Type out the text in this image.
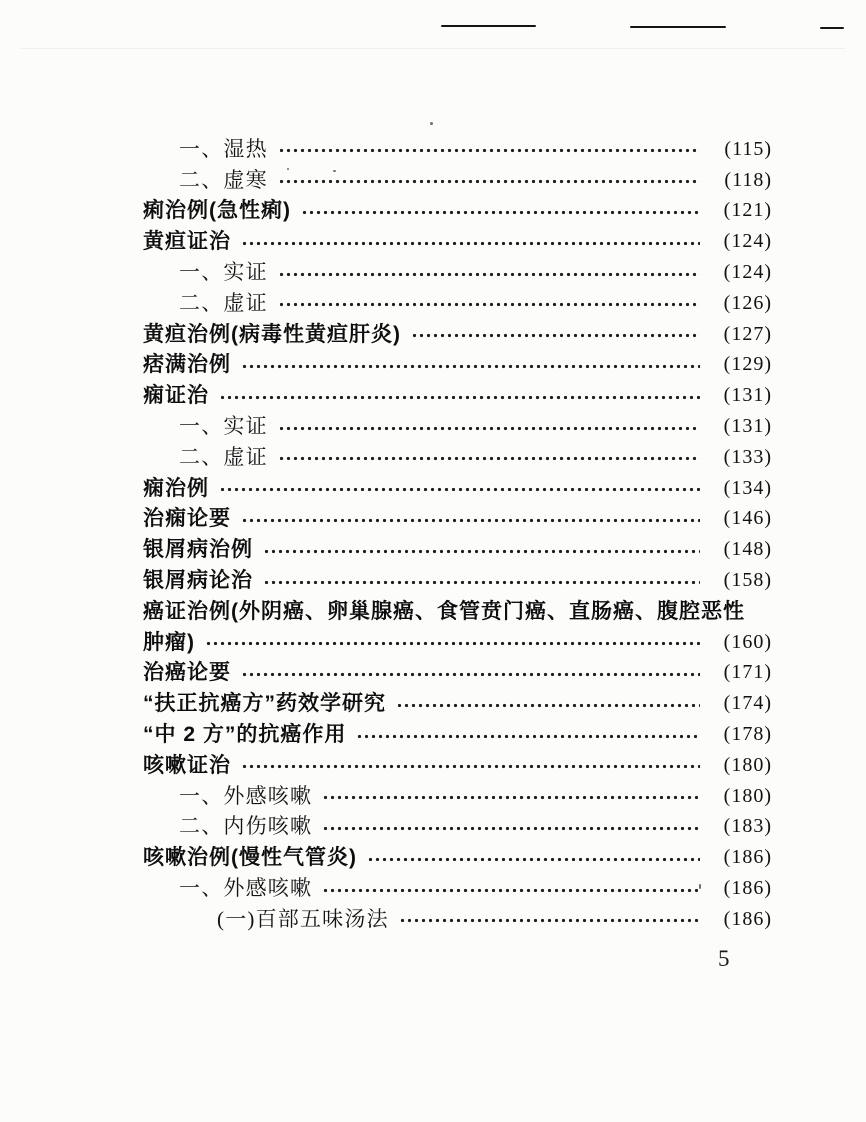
一、湿热	(115)
二、虚寒	(118)
痢治例(急性痢)	(121)
黄疸证治	(124)
一、实证	(124)
二、虚证	(126)
黄疸治例(病毒性黄疸肝炎)	(127)
痞满治例	(129)
痫证治	(131)
一、实证	(131)
二、虚证	(133)
痫治例	(134)
治痫论要	(146)
银屑病治例	(148)
银屑病论治	(158)
癌证治例(外阴癌、卵巢腺癌、食管贲门癌、直肠癌、腹腔恶性
肿瘤)	(160)
治癌论要	(171)
“扶正抗癌方”药效学研究	(174)
“中 2 方”的抗癌作用	(178)
咳嗽证治	(180)
一、外感咳嗽	(180)
二、内伤咳嗽	(183)
咳嗽治例(慢性气管炎)	(186)
一、外感咳嗽	(186)
(一)百部五味汤法	(186)
5
